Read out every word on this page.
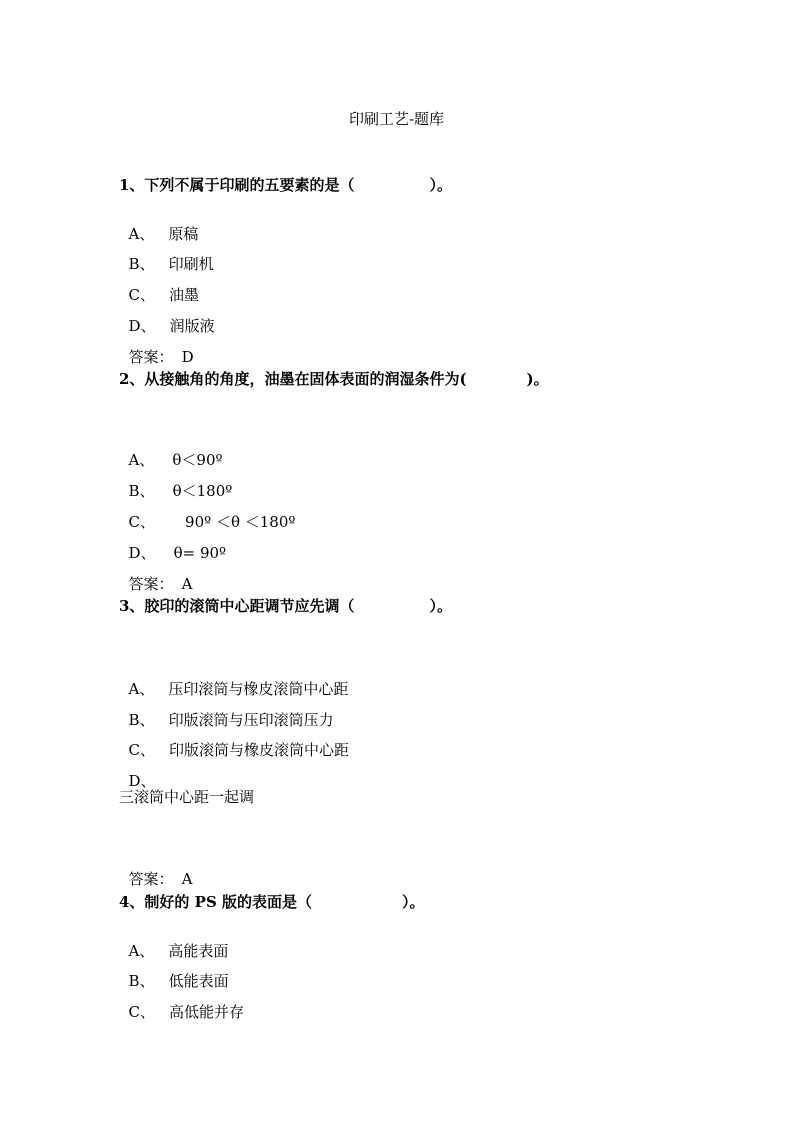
印刷工艺-题库
1、下列不属于印刷的五要素的是（　　　　　）。

A、 原稿

B、 印刷机

C、 油墨

D、 润版液

答案： D

2、从接触角的角度，油墨在固体表面的润湿条件为(　　　　)。

A、 θ＜90º

B、 θ＜180º

C、 90º ＜θ ＜180º

D、 θ= 90º

答案： A

3、胶印的滚筒中心距调节应先调（　　　　　）。

A、 压印滚筒与橡皮滚筒中心距

B、 印版滚筒与压印滚筒压力

C、 印版滚筒与橡皮滚筒中心距

D、

三滚筒中心距一起调

答案： A

4、制好的 PS 版的表面是（　　　　　　）。

A、 高能表面

B、 低能表面

C、 高低能并存
